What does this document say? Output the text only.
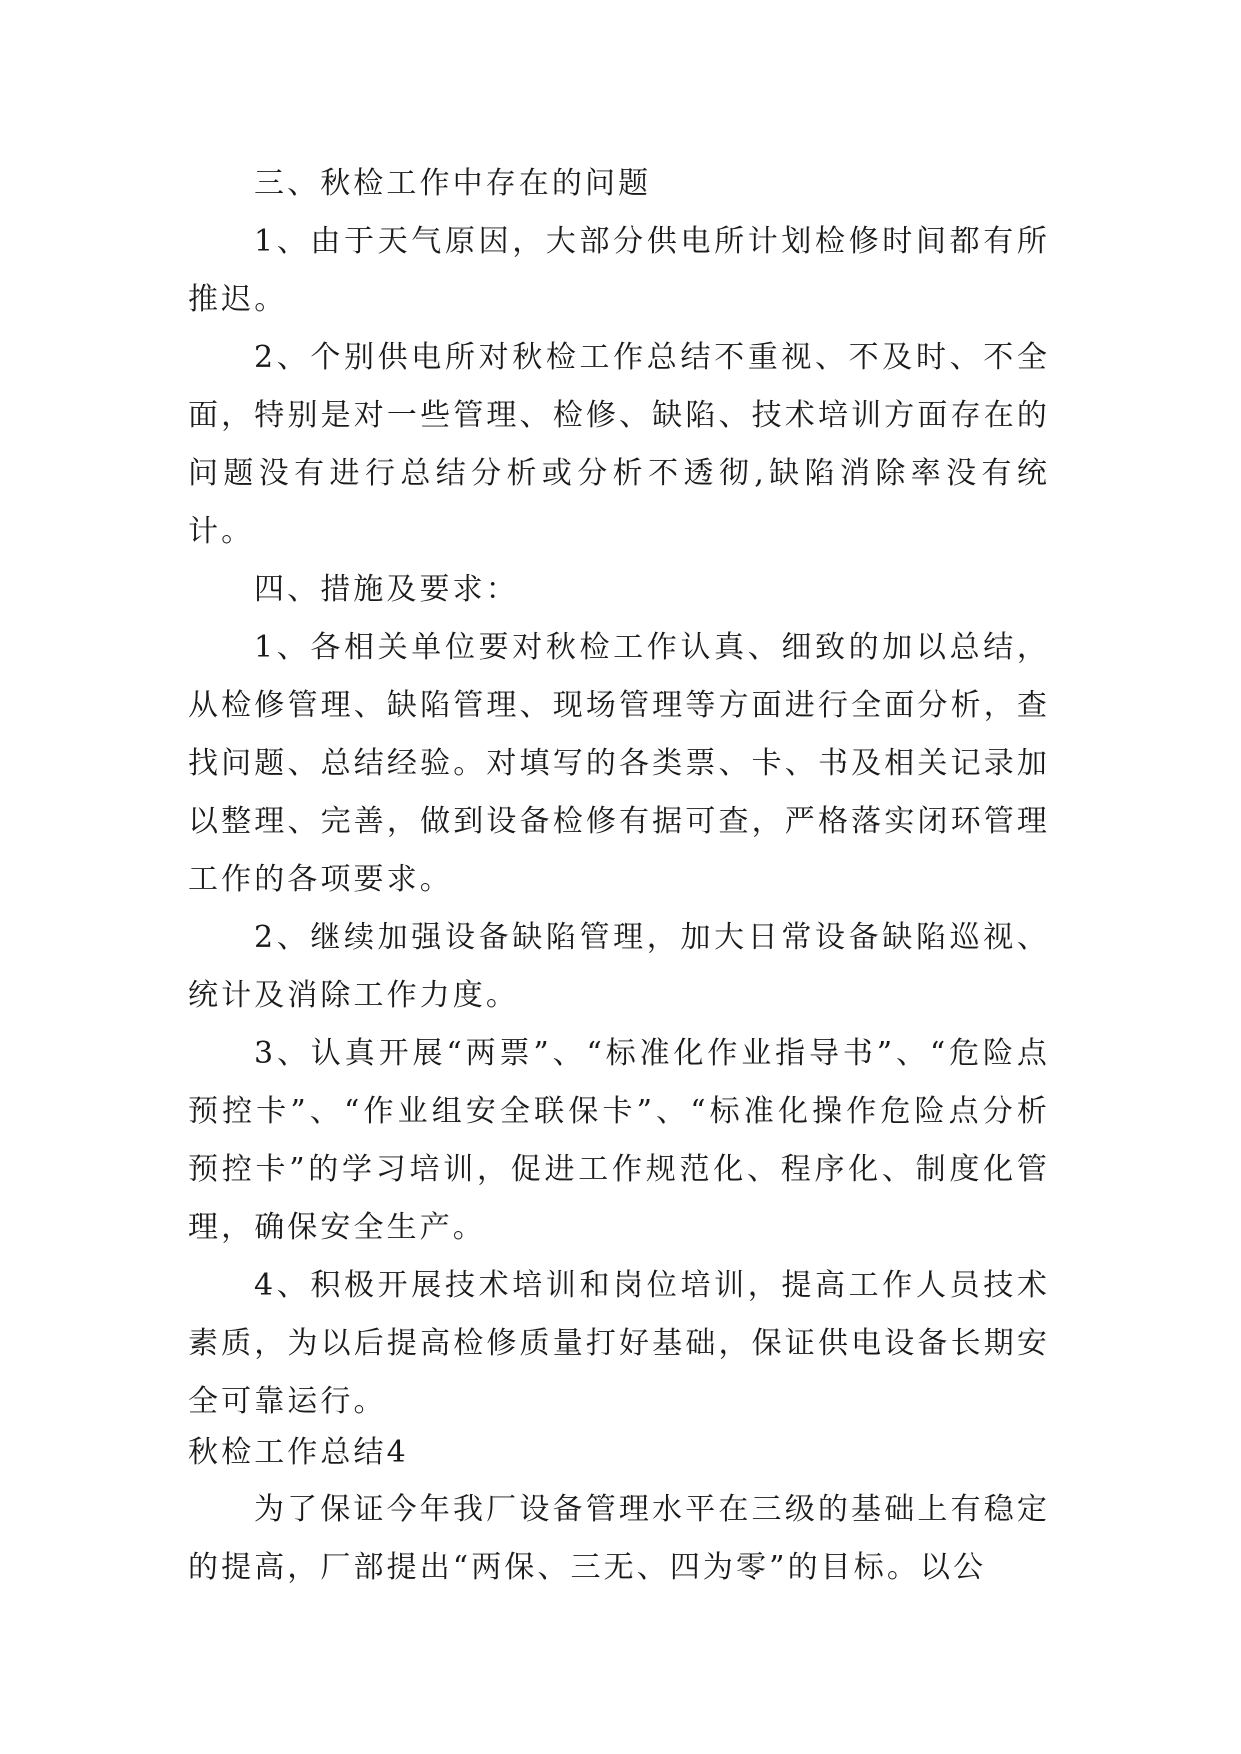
三、秋检工作中存在的问题

1、由于天气原因，大部分供电所计划检修时间都有所推迟。

2、个别供电所对秋检工作总结不重视、不及时、不全面，特别是对一些管理、检修、缺陷、技术培训方面存在的问题没有进行总结分析或分析不透彻,缺陷消除率没有统计。

四、措施及要求：

1、各相关单位要对秋检工作认真、细致的加以总结，从检修管理、缺陷管理、现场管理等方面进行全面分析，查找问题、总结经验。对填写的各类票、卡、书及相关记录加以整理、完善，做到设备检修有据可查，严格落实闭环管理工作的各项要求。

2、继续加强设备缺陷管理，加大日常设备缺陷巡视、统计及消除工作力度。

3、认真开展“两票”、“标准化作业指导书”、“危险点预控卡”、“作业组安全联保卡”、“标准化操作危险点分析预控卡”的学习培训，促进工作规范化、程序化、制度化管理，确保安全生产。

4、积极开展技术培训和岗位培训，提高工作人员技术素质，为以后提高检修质量打好基础，保证供电设备长期安全可靠运行。

秋检工作总结4

为了保证今年我厂设备管理水平在三级的基础上有稳定的提高，厂部提出“两保、三无、四为零”的目标。以公
